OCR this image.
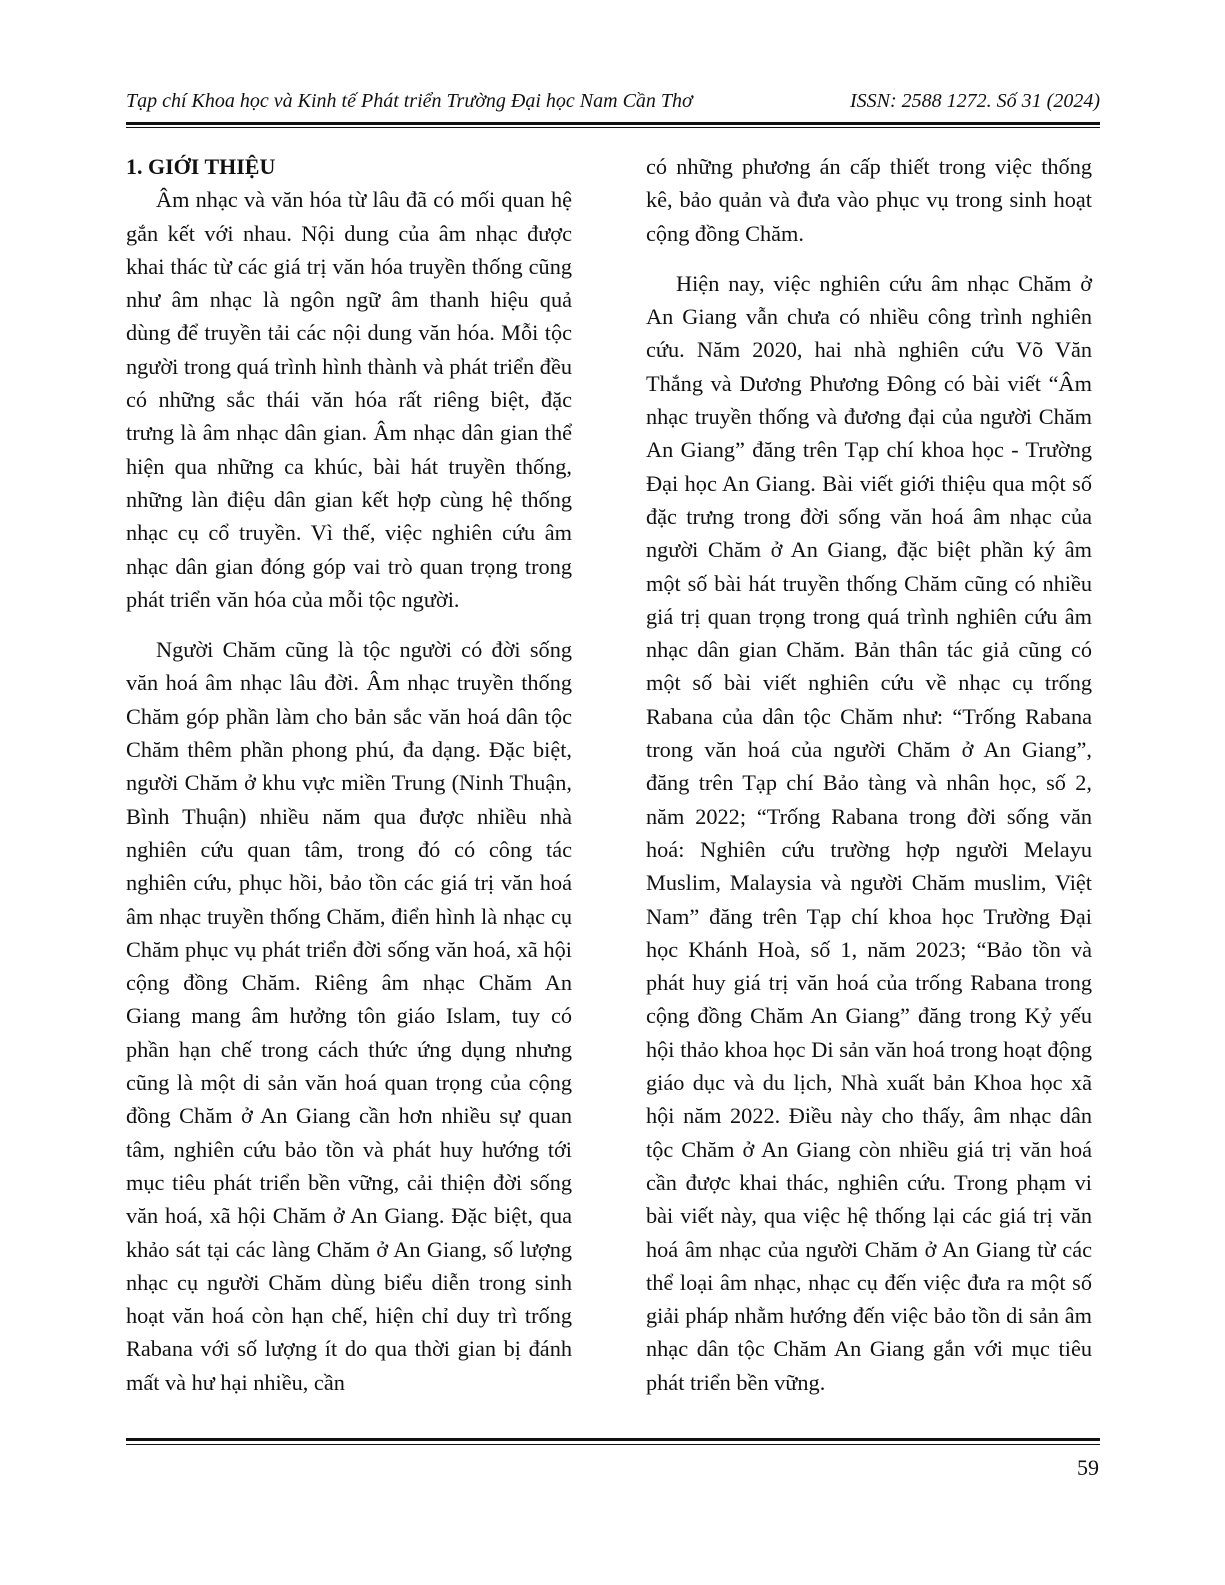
Tạp chí Khoa học và Kinh tế Phát triển Trường Đại học Nam Cần Thơ	ISSN: 2588 1272. Số 31 (2024)
1. GIỚI THIỆU

Âm nhạc và văn hóa từ lâu đã có mối quan hệ gắn kết với nhau. Nội dung của âm nhạc được khai thác từ các giá trị văn hóa truyền thống cũng như âm nhạc là ngôn ngữ âm thanh hiệu quả dùng để truyền tải các nội dung văn hóa. Mỗi tộc người trong quá trình hình thành và phát triển đều có những sắc thái văn hóa rất riêng biệt, đặc trưng là âm nhạc dân gian. Âm nhạc dân gian thể hiện qua những ca khúc, bài hát truyền thống, những làn điệu dân gian kết hợp cùng hệ thống nhạc cụ cổ truyền. Vì thế, việc nghiên cứu âm nhạc dân gian đóng góp vai trò quan trọng trong phát triển văn hóa của mỗi tộc người.

Người Chăm cũng là tộc người có đời sống văn hoá âm nhạc lâu đời. Âm nhạc truyền thống Chăm góp phần làm cho bản sắc văn hoá dân tộc Chăm thêm phần phong phú, đa dạng. Đặc biệt, người Chăm ở khu vực miền Trung (Ninh Thuận, Bình Thuận) nhiều năm qua được nhiều nhà nghiên cứu quan tâm, trong đó có công tác nghiên cứu, phục hồi, bảo tồn các giá trị văn hoá âm nhạc truyền thống Chăm, điển hình là nhạc cụ Chăm phục vụ phát triển đời sống văn hoá, xã hội cộng đồng Chăm. Riêng âm nhạc Chăm An Giang mang âm hưởng tôn giáo Islam, tuy có phần hạn chế trong cách thức ứng dụng nhưng cũng là một di sản văn hoá quan trọng của cộng đồng Chăm ở An Giang cần hơn nhiều sự quan tâm, nghiên cứu bảo tồn và phát huy hướng tới mục tiêu phát triển bền vững, cải thiện đời sống văn hoá, xã hội Chăm ở An Giang. Đặc biệt, qua khảo sát tại các làng Chăm ở An Giang, số lượng nhạc cụ người Chăm dùng biểu diễn trong sinh hoạt văn hoá còn hạn chế, hiện chỉ duy trì trống Rabana với số lượng ít do qua thời gian bị đánh mất và hư hại nhiều, cần

có những phương án cấp thiết trong việc thống kê, bảo quản và đưa vào phục vụ trong sinh hoạt cộng đồng Chăm.

Hiện nay, việc nghiên cứu âm nhạc Chăm ở An Giang vẫn chưa có nhiều công trình nghiên cứu. Năm 2020, hai nhà nghiên cứu Võ Văn Thắng và Dương Phương Đông có bài viết “Âm nhạc truyền thống và đương đại của người Chăm An Giang” đăng trên Tạp chí khoa học - Trường Đại học An Giang. Bài viết giới thiệu qua một số đặc trưng trong đời sống văn hoá âm nhạc của người Chăm ở An Giang, đặc biệt phần ký âm một số bài hát truyền thống Chăm cũng có nhiều giá trị quan trọng trong quá trình nghiên cứu âm nhạc dân gian Chăm. Bản thân tác giả cũng có một số bài viết nghiên cứu về nhạc cụ trống Rabana của dân tộc Chăm như: “Trống Rabana trong văn hoá của người Chăm ở An Giang”, đăng trên Tạp chí Bảo tàng và nhân học, số 2, năm 2022; “Trống Rabana trong đời sống văn hoá: Nghiên cứu trường hợp người Melayu Muslim, Malaysia và người Chăm muslim, Việt Nam” đăng trên Tạp chí khoa học Trường Đại học Khánh Hoà, số 1, năm 2023; “Bảo tồn và phát huy giá trị văn hoá của trống Rabana trong cộng đồng Chăm An Giang” đăng trong Kỷ yếu hội thảo khoa học Di sản văn hoá trong hoạt động giáo dục và du lịch, Nhà xuất bản Khoa học xã hội năm 2022. Điều này cho thấy, âm nhạc dân tộc Chăm ở An Giang còn nhiều giá trị văn hoá cần được khai thác, nghiên cứu. Trong phạm vi bài viết này, qua việc hệ thống lại các giá trị văn hoá âm nhạc của người Chăm ở An Giang từ các thể loại âm nhạc, nhạc cụ đến việc đưa ra một số giải pháp nhằm hướng đến việc bảo tồn di sản âm nhạc dân tộc Chăm An Giang gắn với mục tiêu phát triển bền vững.

59
